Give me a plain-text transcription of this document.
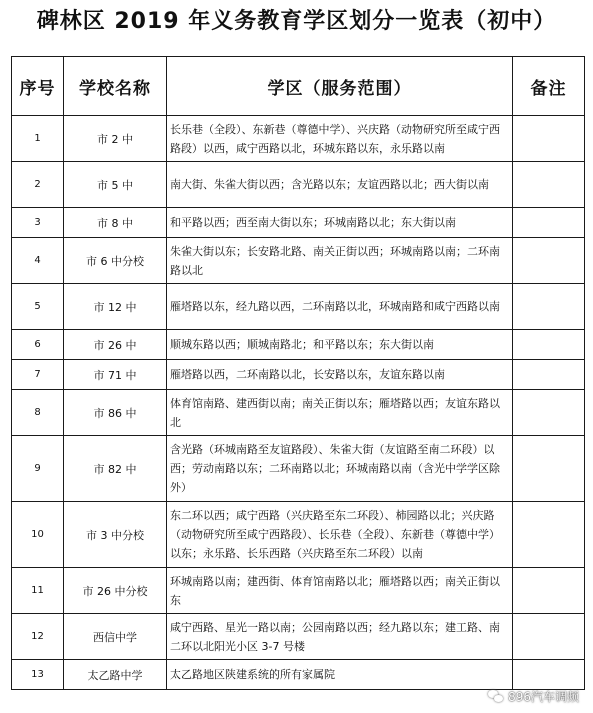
碑林区 2019 年义务教育学区划分一览表（初中）
序号	学校名称	学区（服务范围）	备注
1	市 2 中	长乐巷（全段）、东新巷（尊德中学）、兴庆路（动物研究所至咸宁西路段）以西，咸宁西路以北，环城东路以东，永乐路以南	
2	市 5 中	南大街、朱雀大街以西；含光路以东；友谊西路以北；西大街以南	
3	市 8 中	和平路以西；西至南大街以东；环城南路以北；东大街以南	
4	市 6 中分校	朱雀大街以东；长安路北路、南关正街以西；环城南路以南；二环南路以北	
5	市 12 中	雁塔路以东，经九路以西，二环南路以北，环城南路和咸宁西路以南	
6	市 26 中	顺城东路以西；顺城南路北；和平路以东；东大街以南	
7	市 71 中	雁塔路以西，二环南路以北，长安路以东，友谊东路以南	
8	市 86 中	体育馆南路、建西街以南；南关正街以东；雁塔路以西；友谊东路以北	
9	市 82 中	含光路（环城南路至友谊路段）、朱雀大街（友谊路至南二环段）以西；劳动南路以东；二环南路以北；环城南路以南（含光中学学区除外）	
10	市 3 中分校	东二环以西；咸宁西路（兴庆路至东二环段）、柿园路以北；兴庆路（动物研究所至咸宁西路段）、长乐巷（全段）、东新巷（尊德中学）以东；永乐路、长乐西路（兴庆路至东二环段）以南	
11	市 26 中分校	环城南路以南；建西街、体育馆南路以北；雁塔路以西；南关正街以东	
12	西信中学	咸宁西路、星光一路以南；公园南路以西；经九路以东；建工路、南二环以北阳光小区 3-7 号楼	
13	太乙路中学	太乙路地区陕建系统的所有家属院	
896汽车调频
